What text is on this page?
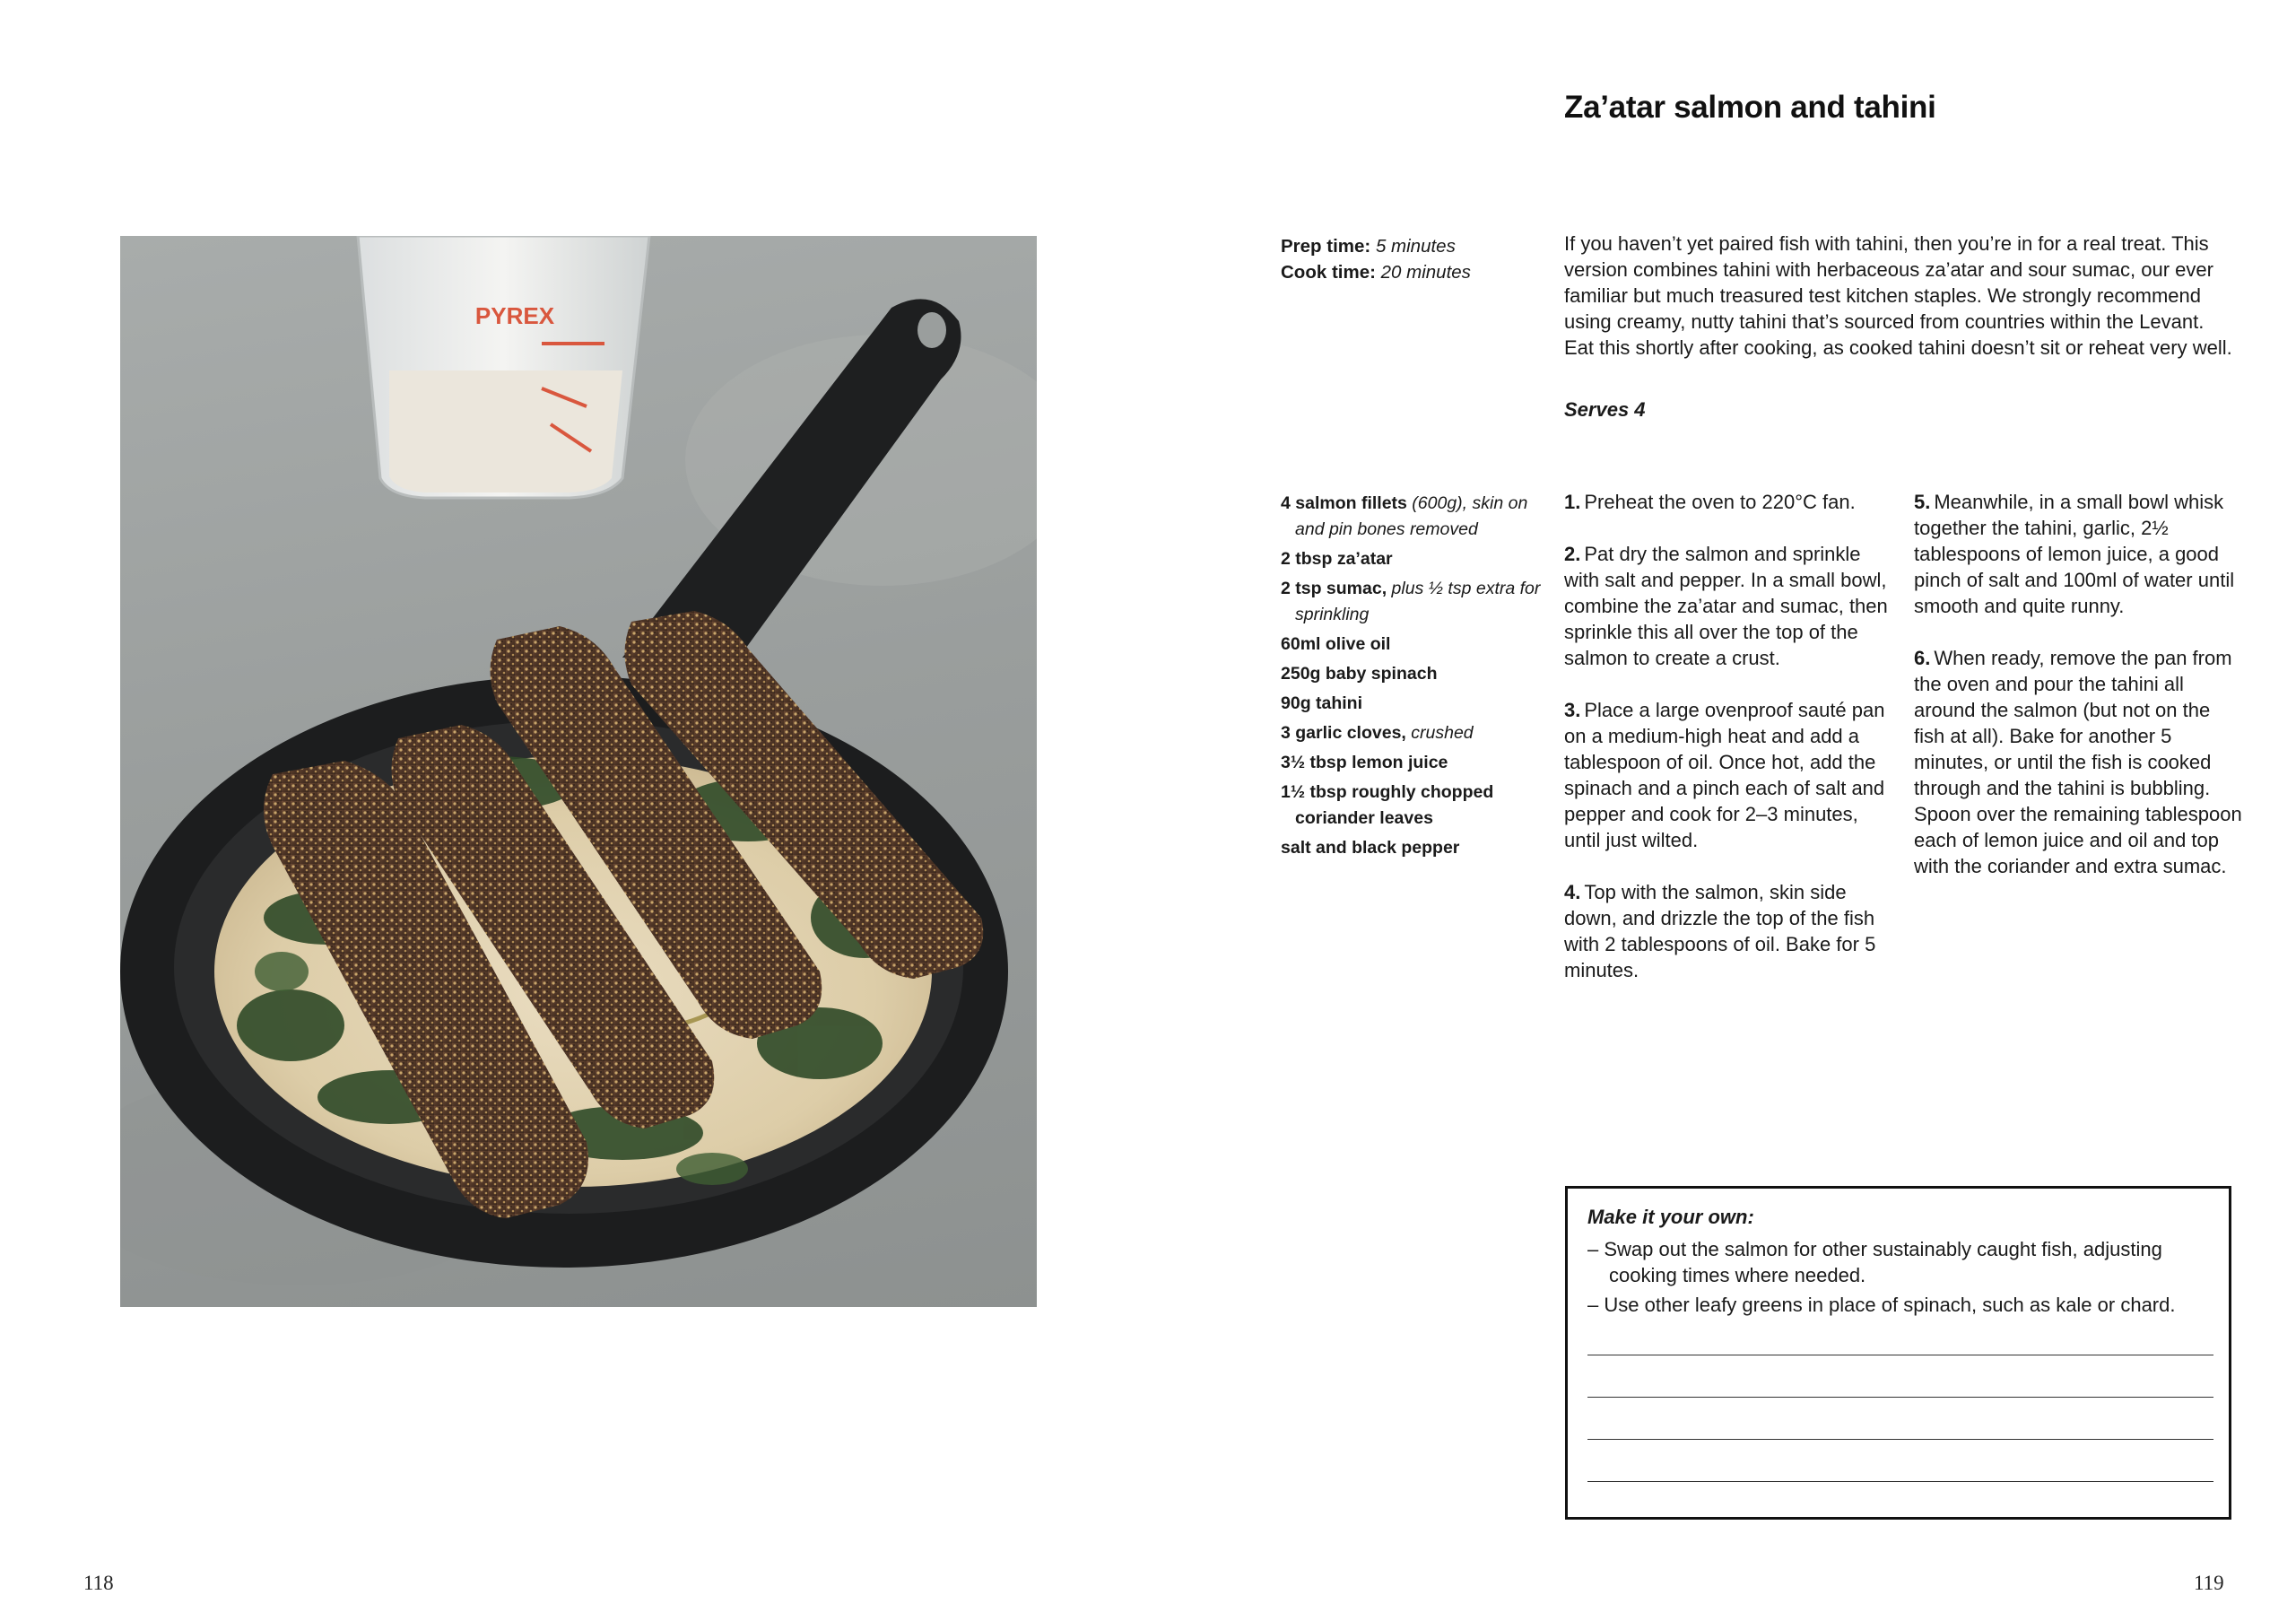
PYREX
118
Za’atar salmon and tahini
Prep time: 5 minutes
Cook time: 20 minutes
If you haven’t yet paired fish with tahini, then you’re in for a real treat. This version combines tahini with herbaceous za’atar and sour sumac, our ever familiar but much treasured test kitchen staples. We strongly recommend using creamy, nutty tahini that’s sourced from countries within the Levant. Eat this shortly after cooking, as cooked tahini doesn’t sit or reheat very well.
Serves 4
4 salmon fillets (600g), skin on and pin bones removed
2 tbsp za’atar
2 tsp sumac, plus ½ tsp extra for sprinkling
60ml olive oil
250g baby spinach
90g tahini
3 garlic cloves, crushed
3½ tbsp lemon juice
1½ tbsp roughly chopped coriander leaves
salt and black pepper
1. Preheat the oven to 220°C fan.
2. Pat dry the salmon and sprinkle with salt and pepper. In a small bowl, combine the za’atar and sumac, then sprinkle this all over the top of the salmon to create a crust.
3. Place a large ovenproof sauté pan on a medium-high heat and add a tablespoon of oil. Once hot, add the spinach and a pinch each of salt and pepper and cook for 2–3 minutes, until just wilted.
4. Top with the salmon, skin side down, and drizzle the top of the fish with 2 tablespoons of oil. Bake for 5 minutes.
5. Meanwhile, in a small bowl whisk together the tahini, garlic, 2½ tablespoons of lemon juice, a good pinch of salt and 100ml of water until smooth and quite runny.
6. When ready, remove the pan from the oven and pour the tahini all around the salmon (but not on the fish at all). Bake for another 5 minutes, or until the fish is cooked through and the tahini is bubbling. Spoon over the remaining tablespoon each of lemon juice and oil and top with the coriander and extra sumac.
Make it your own:
– Swap out the salmon for other sustainably caught fish, adjusting cooking times where needed.
– Use other leafy greens in place of spinach, such as kale or chard.
119
